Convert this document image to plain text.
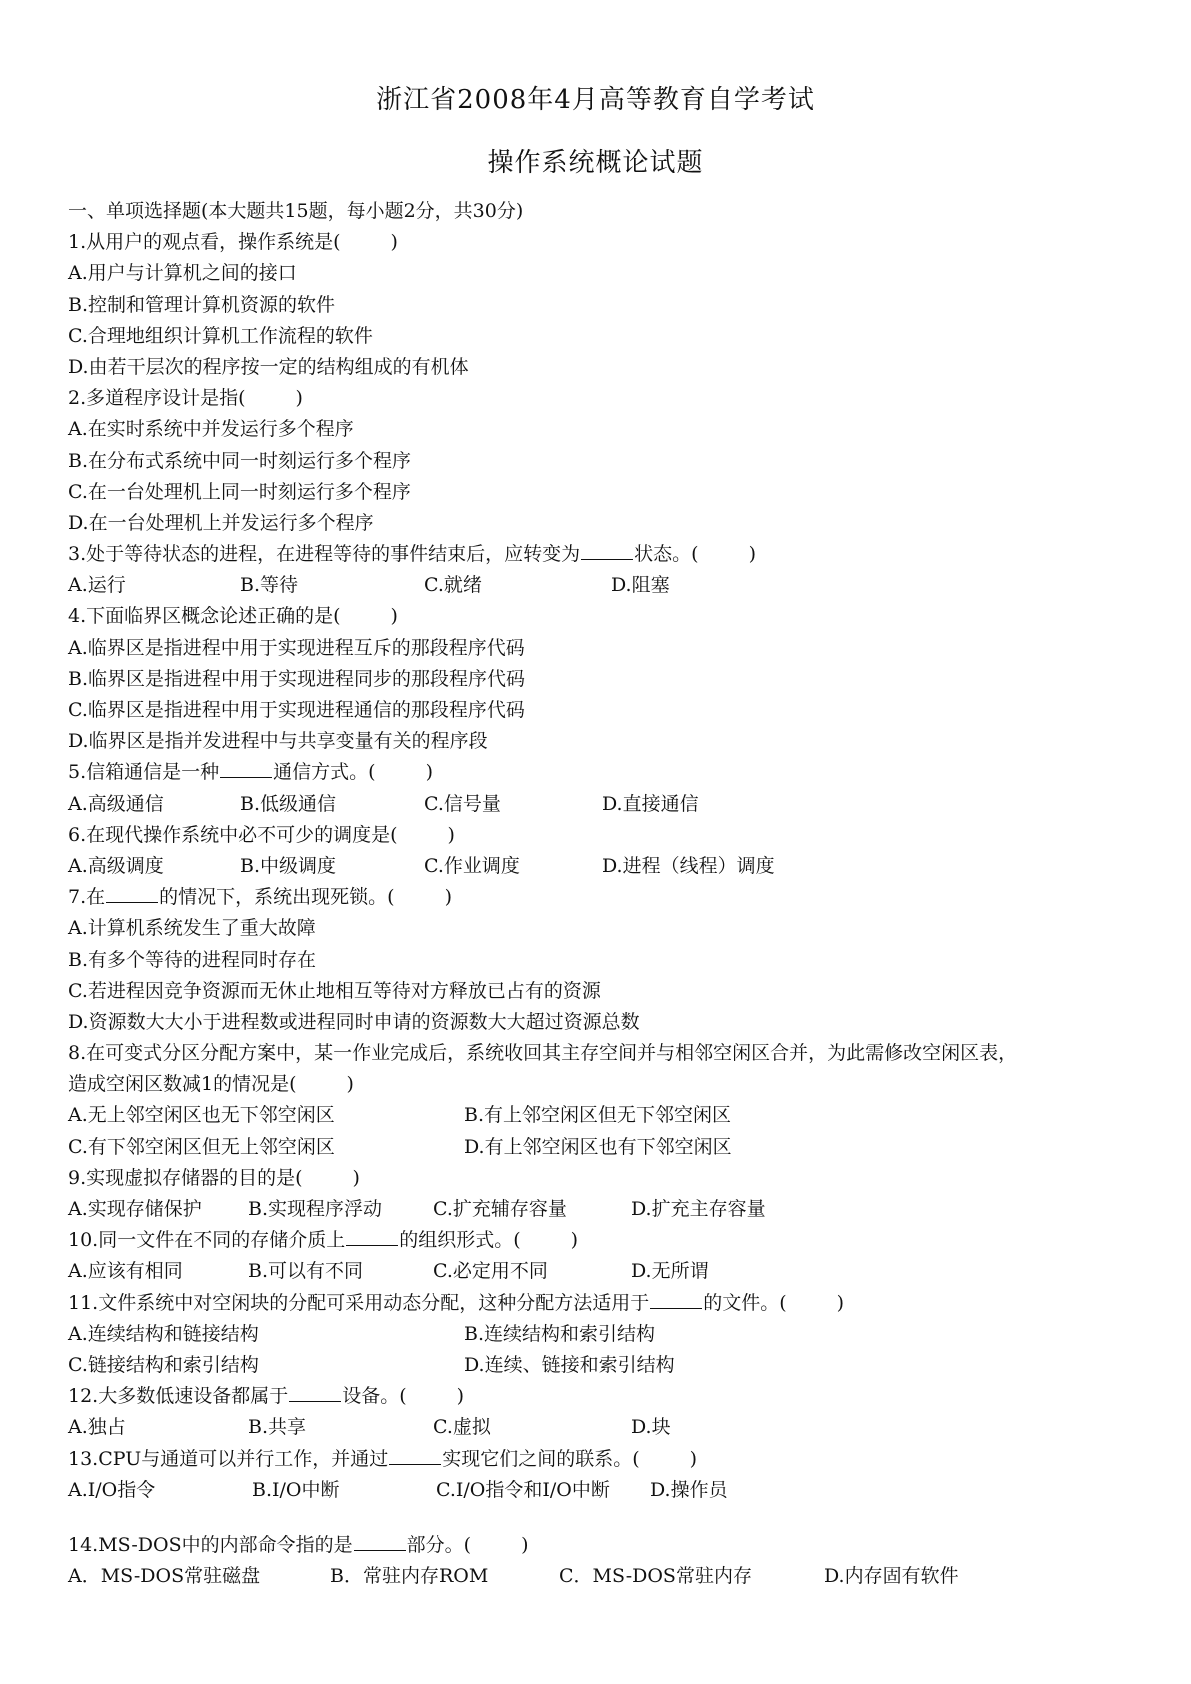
浙江省2008年4月高等教育自学考试
操作系统概论试题
一、单项选择题(本大题共15题，每小题2分，共30分)
1.从用户的观点看，操作系统是(	)
A.用户与计算机之间的接口
B.控制和管理计算机资源的软件
C.合理地组织计算机工作流程的软件
D.由若干层次的程序按一定的结构组成的有机体
2.多道程序设计是指(	)
A.在实时系统中并发运行多个程序
B.在分布式系统中同一时刻运行多个程序
C.在一台处理机上同一时刻运行多个程序
D.在一台处理机上并发运行多个程序
3.处于等待状态的进程，在进程等待的事件结束后，应转变为	状态。(	)
A.运行	B.等待	C.就绪	D.阻塞
4.下面临界区概念论述正确的是(	)
A.临界区是指进程中用于实现进程互斥的那段程序代码
B.临界区是指进程中用于实现进程同步的那段程序代码
C.临界区是指进程中用于实现进程通信的那段程序代码
D.临界区是指并发进程中与共享变量有关的程序段
5.信箱通信是一种	通信方式。(	)
A.高级通信	B.低级通信	C.信号量	D.直接通信
6.在现代操作系统中必不可少的调度是(	)
A.高级调度	B.中级调度	C.作业调度	D.进程（线程）调度
7.在	的情况下，系统出现死锁。(	)
A.计算机系统发生了重大故障
B.有多个等待的进程同时存在
C.若进程因竞争资源而无休止地相互等待对方释放已占有的资源
D.资源数大大小于进程数或进程同时申请的资源数大大超过资源总数
8.在可变式分区分配方案中，某一作业完成后，系统收回其主存空间并与相邻空闲区合并，为此需修改空闲区表，
造成空闲区数减1的情况是(	)
A.无上邻空闲区也无下邻空闲区	B.有上邻空闲区但无下邻空闲区
C.有下邻空闲区但无上邻空闲区	D.有上邻空闲区也有下邻空闲区
9.实现虚拟存储器的目的是(	)
A.实现存储保护 B.实现程序浮动	C.扩充辅存容量	D.扩充主存容量
10.同一文件在不同的存储介质上	的组织形式。(	)
A.应该有相同	B.可以有不同	C.必定用不同	D.无所谓
11.文件系统中对空闲块的分配可采用动态分配，这种分配方法适用于	的文件。(	)
A.连续结构和链接结构	B.连续结构和索引结构
C.链接结构和索引结构	D.连续、链接和索引结构
12.大多数低速设备都属于	设备。(	)
A.独占	B.共享	C.虚拟	D.块
13.CPU与通道可以并行工作，并通过	实现它们之间的联系。(	)
A.I/O指令	B.I/O中断	C.I/O指令和I/O中断 D.操作员
14.MS-DOS中的内部命令指的是	部分。(	)
A．MS-DOS常驻磁盘	B．常驻内存ROM	C．MS-DOS常驻内存	D.内存固有软件
